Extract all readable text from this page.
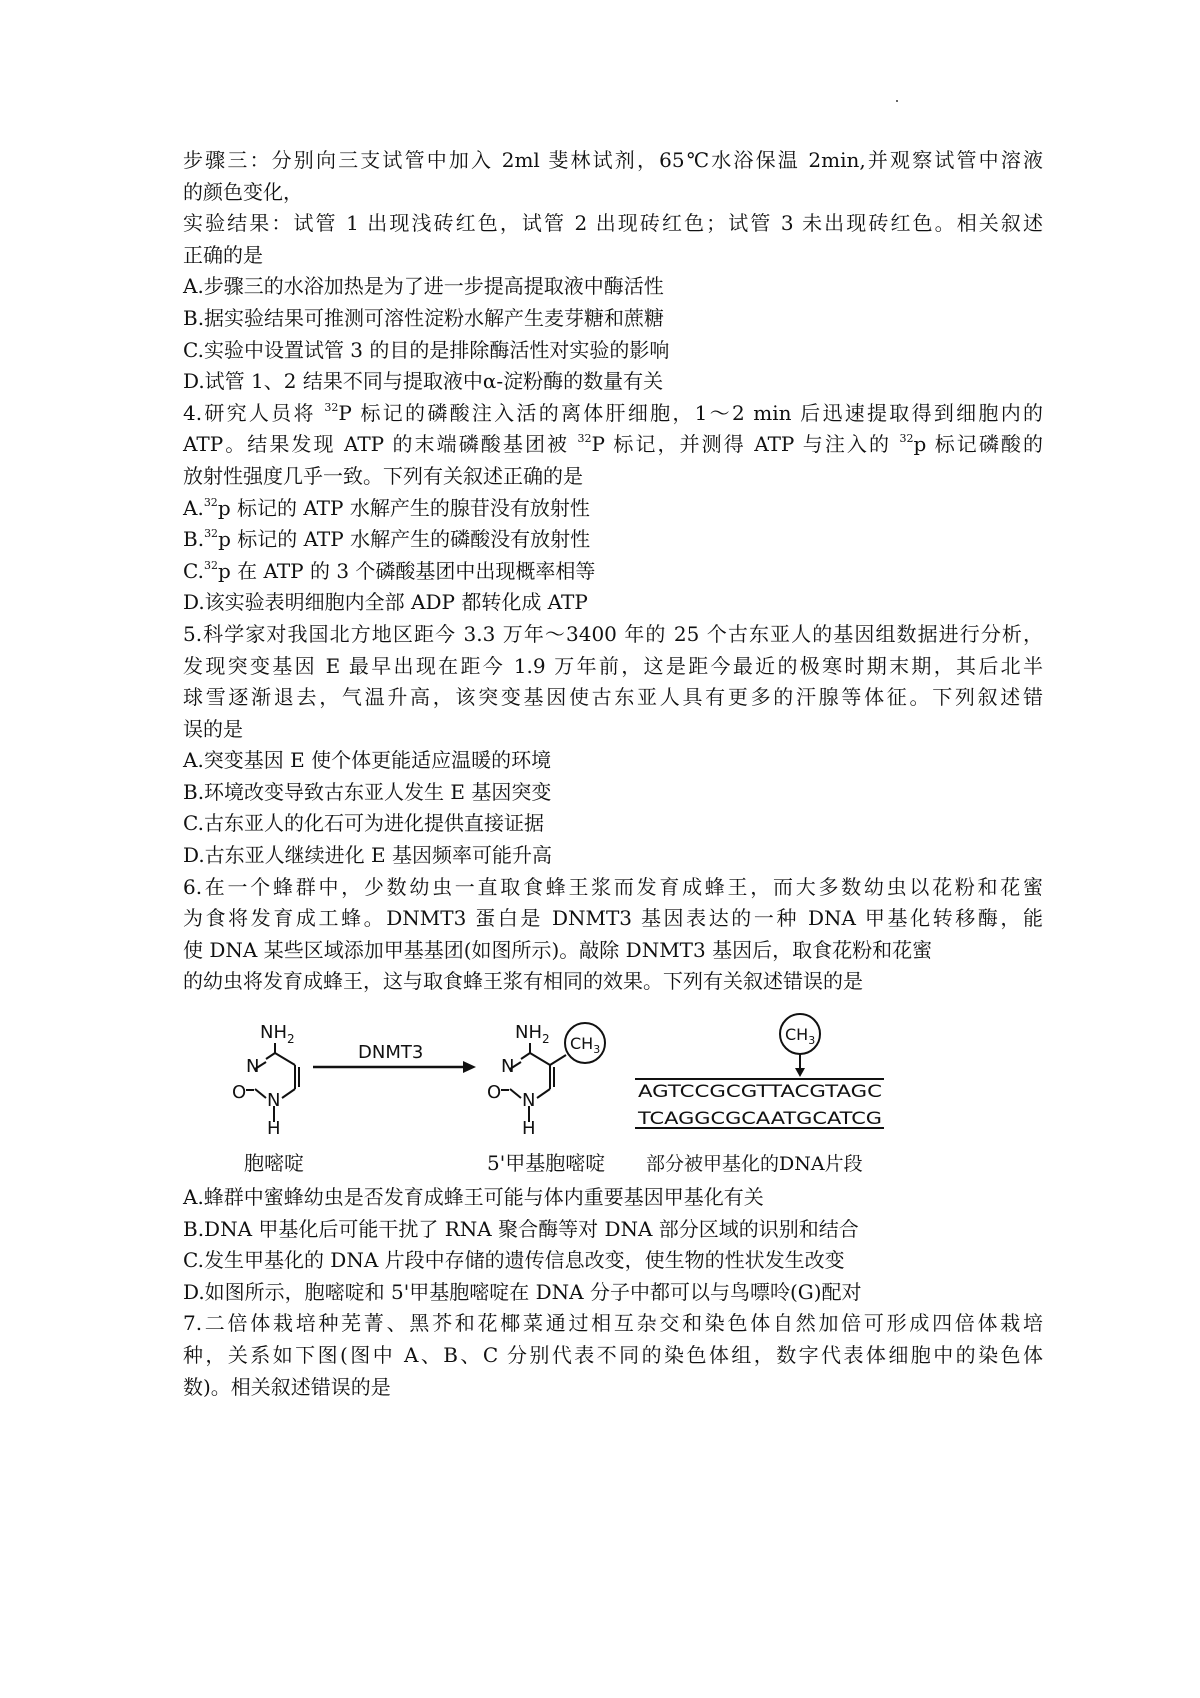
步骤三：分别向三支试管中加入 2ml 斐林试剂，65℃水浴保温 2min,并观察试管中溶液
的颜色变化，
实验结果：试管 1 出现浅砖红色，试管 2 出现砖红色；试管 3 未出现砖红色。相关叙述
正确的是
A.步骤三的水浴加热是为了进一步提高提取液中酶活性
B.据实验结果可推测可溶性淀粉水解产生麦芽糖和蔗糖
C.实验中设置试管 3 的目的是排除酶活性对实验的影响
D.试管 1、2 结果不同与提取液中α-淀粉酶的数量有关
4.研究人员将 $^{32}$P 标记的磷酸注入活的离体肝细胞，1～2 min 后迅速提取得到细胞内的
ATP。结果发现 ATP 的末端磷酸基团被 $^{32}$P 标记，并测得 ATP 与注入的 $^{32}$p 标记磷酸的
放射性强度几乎一致。下列有关叙述正确的是
A.$^{32}$p 标记的 ATP 水解产生的腺苷没有放射性
B.$^{32}$p 标记的 ATP 水解产生的磷酸没有放射性
C.$^{32}$p 在 ATP 的 3 个磷酸基团中出现概率相等
D.该实验表明细胞内全部 ADP 都转化成 ATP
5.科学家对我国北方地区距今 3.3 万年～3400 年的 25 个古东亚人的基因组数据进行分析，
发现突变基因 E 最早出现在距今 1.9 万年前，这是距今最近的极寒时期末期，其后北半
球雪逐渐退去，气温升高，该突变基因使古东亚人具有更多的汗腺等体征。下列叙述错
误的是
A.突变基因 E 使个体更能适应温暖的环境
B.环境改变导致古东亚人发生 E 基因突变
C.古东亚人的化石可为进化提供直接证据
D.古东亚人继续进化 E 基因频率可能升高
6.在一个蜂群中，少数幼虫一直取食蜂王浆而发育成蜂王，而大多数幼虫以花粉和花蜜
为食将发育成工蜂。DNMT3 蛋白是 DNMT3 基因表达的一种 DNA 甲基化转移酶，能
使 DNA 某些区域添加甲基基团(如图所示)。敲除 DNMT3 基因后，取食花粉和花蜜
的幼虫将发育成蜂王，这与取食蜂王浆有相同的效果。下列有关叙述错误的是
$NH_2$
N
O N
H
胞嘧啶
DNMT3
$NH_2$
N
O N
H
$CH_3$
5'甲基胞嘧啶
$CH_3$
AGTCCGCGTTACGTAGC
TCAGGCGCAATGCATCG
部分被甲基化的DNA片段
A.蜂群中蜜蜂幼虫是否发育成蜂王可能与体内重要基因甲基化有关
B.DNA 甲基化后可能干扰了 RNA 聚合酶等对 DNA 部分区域的识别和结合
C.发生甲基化的 DNA 片段中存储的遗传信息改变，使生物的性状发生改变
D.如图所示，胞嘧啶和 5'甲基胞嘧啶在 DNA 分子中都可以与鸟嘌呤(G)配对
7.二倍体栽培种芜菁、黑芥和花椰菜通过相互杂交和染色体自然加倍可形成四倍体栽培
种，关系如下图(图中 A、B、C 分别代表不同的染色体组，数字代表体细胞中的染色体
数)。相关叙述错误的是
